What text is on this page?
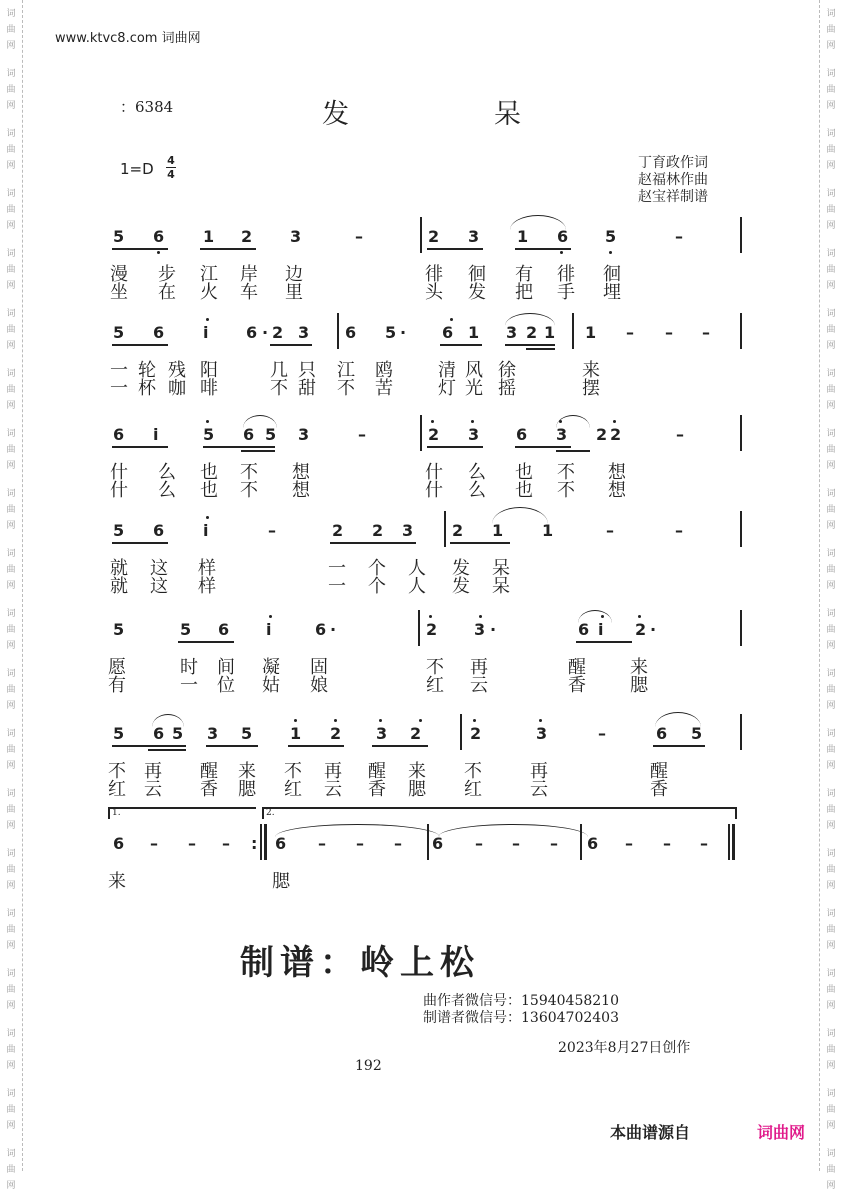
词
曲
网
词
曲
网
词
曲
网
词
曲
网
词
曲
网
词
曲
网
词
曲
网
词
曲
网
词
曲
网
词
曲
网
词
曲
网
词
曲
网
词
曲
网
词
曲
网
词
曲
网
词
曲
网
词
曲
网
词
曲
网
词
曲
网
词
曲
网
词
曲
网
词
曲
网
词
曲
网
词
曲
网
词
曲
网
词
曲
网
词
曲
网
词
曲
网
词
曲
网
词
曲
网
词
曲
网
词
曲
网
词
曲
网
词
曲
网
词
曲
网
词
曲
网
词
曲
网
词
曲
网
词
曲
网
词
曲
网
www.ktvc8.com 词曲网
：6384	发	呆
1=D 4
4
丁育政作词
赵福林作曲
赵宝祥制谱
5 6 1 2 3	–	2 3 1 6 5	–
漫 步 江 岸 边	徘 徊 有 徘 徊
坐 在 火 车 里	头 发 把 手 埋
5 6 i 6 · 2 3 6 5 · 6 1 3 2 1 1 – – –
一 轮 残 阳	几 只 江 鸥	清 风 徐	来
一 杯 咖 啡	不 甜 不 苦	灯 光 摇	摆
6 i	5 6 5 3	–	2 3 6 3 2 2	–
什 么 也 不 想	什 么 也 不 想
什 么 也 不 想	什 么 也 不 想
5 6 i	–	2 2 3 2 1 1	–	–
就 这 样	一 个 人 发 呆
就 这 样	一 个 人 发 呆
5	5 6 i	6 ·	2 3 ·	6 i 2 ·
愿	时 间 凝 固	不 再	醒 来
有	一 位 姑 娘	红 云	香 腮
5 6 5 3 5 1 2 3 2	2	3	–	6 5
不 再 醒 来 不 再 醒 来 不	再	醒
红 云 香 腮 红 云 香 腮 红	云	香
6 – – –	6 – – – 6 – – – 6 – – –
来	腮
1.	2.
:
制谱：岭上松
曲作者微信号：15940458210
制谱者微信号：13604702403
2023年8月27日创作
192
本曲谱源自	词曲网
